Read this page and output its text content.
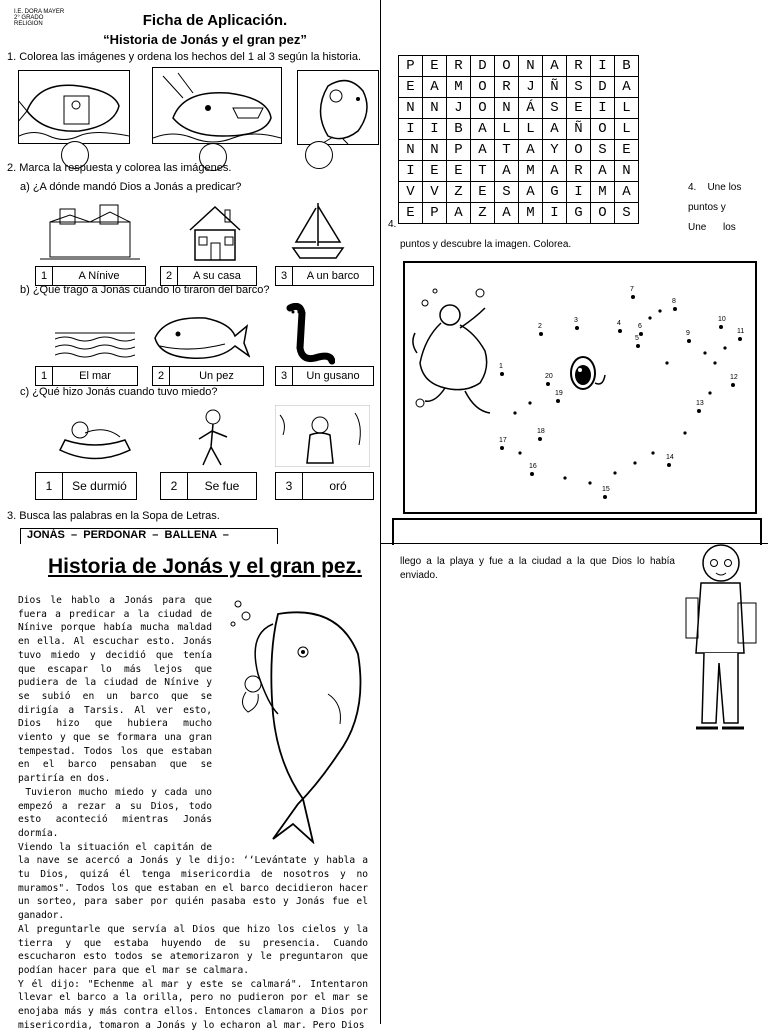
I.E. DORA MAYER
2° GRADO
RELIGION	Ficha de Aplicación.
“Historia de Jonás y el gran pez”
1. Colorea las imágenes y ordena los hechos del 1 al 3 según la historia.
2. Marca la respuesta y colorea las imágenes.
a) ¿A dónde mandó Dios a Jonás a predicar?
1	A Nínive	2	A su casa	3	A un barco
b) ¿Qué tragó a Jonás cuando lo tiraron del barco?
1	El mar	2	Un pez	3	Un gusano
c) ¿Qué hizo Jonás cuando tuvo miedo?
1	Se durmió	2	Se fue	3	oró
3. Busca las palabras en la Sopa de Letras.
JONÁS  –  PERDONAR  –  BALLENA  –
P	E	R	D	O	N	A	R	I	B
E	A	M	O	R	J	Ñ	S	D	A
N	N	J	O	N	Á	S	E	I	L
I	I	B	A	L	L	A	Ñ	O	L
N	N	P	A	T	A	Y	O	S	E
I	E	E	T	A	M	A	R	A	N
V	V	Z	E	S	A	G	I	M	A
E	P	A	Z	A	M	I	G	O	S
4.    Une los
puntos y
Une      los
4.
puntos y descubre la imagen. Colorea.
1
2
3	4
5
6
7
8
9
10
11
12
13
14
15
16
17
18
19
20
Historia de Jonás y el gran pez.

Dios le hablo a Jonás para que fuera a predicar a la ciudad de Nínive porque había mucha maldad en ella. Al escuchar esto. Jonás tuvo miedo y decidió que tenía que escapar lo más lejos que pudiera de la ciudad de Nínive y se subió en un barco que se dirigía a Tarsis. Al ver esto, Dios hizo que hubiera mucho viento y que se formara una gran tempestad. Todos los que estaban en el barco pensaban que se partiría en dos.

Tuvieron mucho miedo y cada uno empezó a rezar a su Dios, todo esto aconteció mientras Jonás dormía.

Viendo la situación el capitán de la nave se acercó a Jonás y le dijo: ‘‘Levántate y habla a tu Dios, quizá él tenga misericordia de nosotros y no muramos". Todos los que estaban en el barco decidieron hacer un sorteo, para saber por quién pasaba esto y Jonás fue el ganador.

Al preguntarle que servía al Dios que hizo los cielos y la tierra y que estaba huyendo de su presencia. Cuando escucharon esto todos se atemorizaron y le preguntaron que podían hacer para que el mar se calmara.

Y él dijo: "Echenme al mar y este se calmará". Intentaron llevar el barco a la orilla, pero no pudieron por el mar se enojaba más y más contra ellos. Entonces clamaron a Dios por misericordia, tomaron a Jonás y lo echaron al mar. Pero Dios

llego a la playa y fue a la ciudad a la que Dios lo había enviado.
